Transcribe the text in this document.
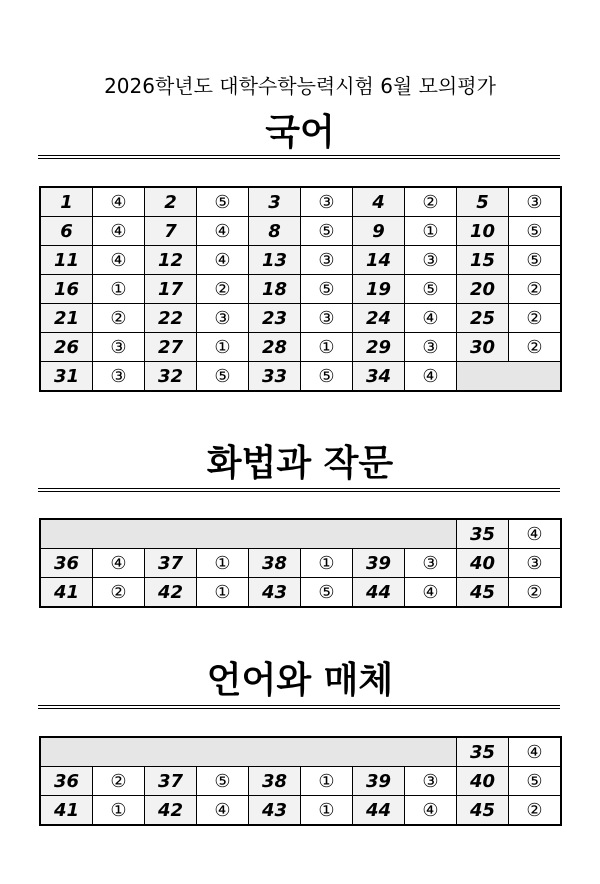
2026학년도 대학수학능력시험 6월 모의평가
국어
1	④	2	⑤	3	③	4	②	5	③
6	④	7	④	8	⑤	9	①	10	⑤
11	④	12	④	13	③	14	③	15	⑤
16	①	17	②	18	⑤	19	⑤	20	②
21	②	22	③	23	③	24	④	25	②
26	③	27	①	28	①	29	③	30	②
31	③	32	⑤	33	⑤	34	④		
화법과 작문
								35	④
36	④	37	①	38	①	39	③	40	③
41	②	42	①	43	⑤	44	④	45	②
언어와 매체
								35	④
36	②	37	⑤	38	①	39	③	40	⑤
41	①	42	④	43	①	44	④	45	②
